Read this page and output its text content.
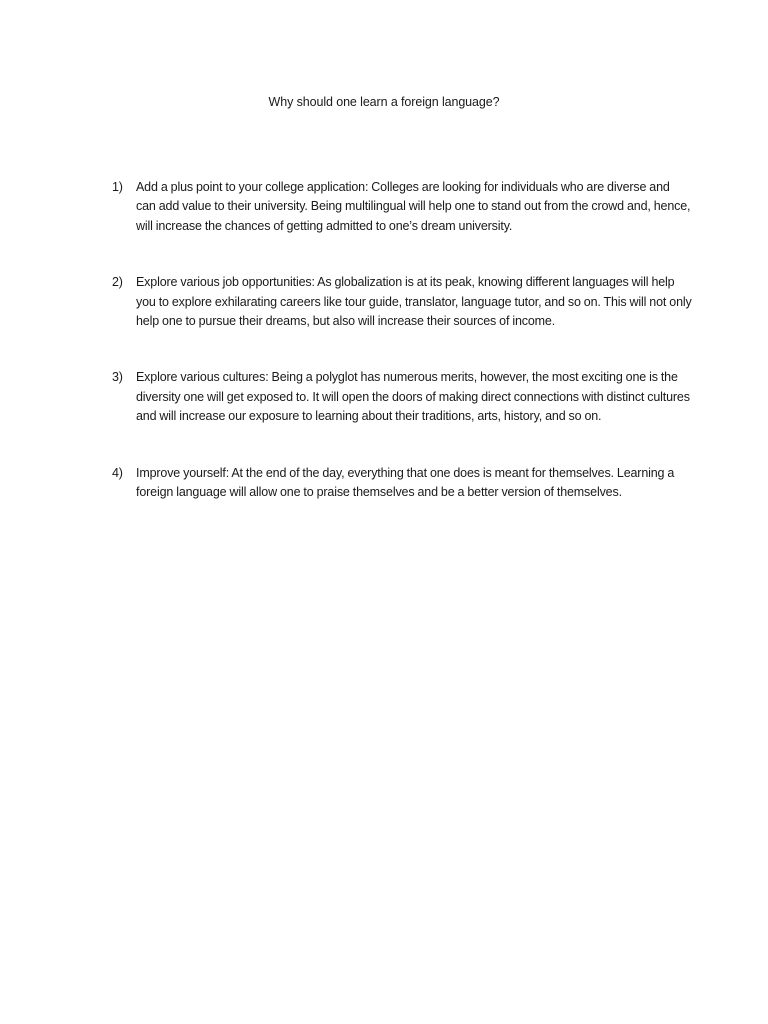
Why should one learn a foreign language?
1) Add a plus point to your college application: Colleges are looking for individuals who are diverse and can add value to their university. Being multilingual will help one to stand out from the crowd and, hence, will increase the chances of getting admitted to one’s dream university.
2) Explore various job opportunities: As globalization is at its peak, knowing different languages will help you to explore exhilarating careers like tour guide, translator, language tutor, and so on. This will not only help one to pursue their dreams, but also will increase their sources of income.
3) Explore various cultures: Being a polyglot has numerous merits, however, the most exciting one is the diversity one will get exposed to. It will open the doors of making direct connections with distinct cultures and will increase our exposure to learning about their traditions, arts, history, and so on.
4) Improve yourself: At the end of the day, everything that one does is meant for themselves. Learning a foreign language will allow one to praise themselves and be a better version of themselves.
